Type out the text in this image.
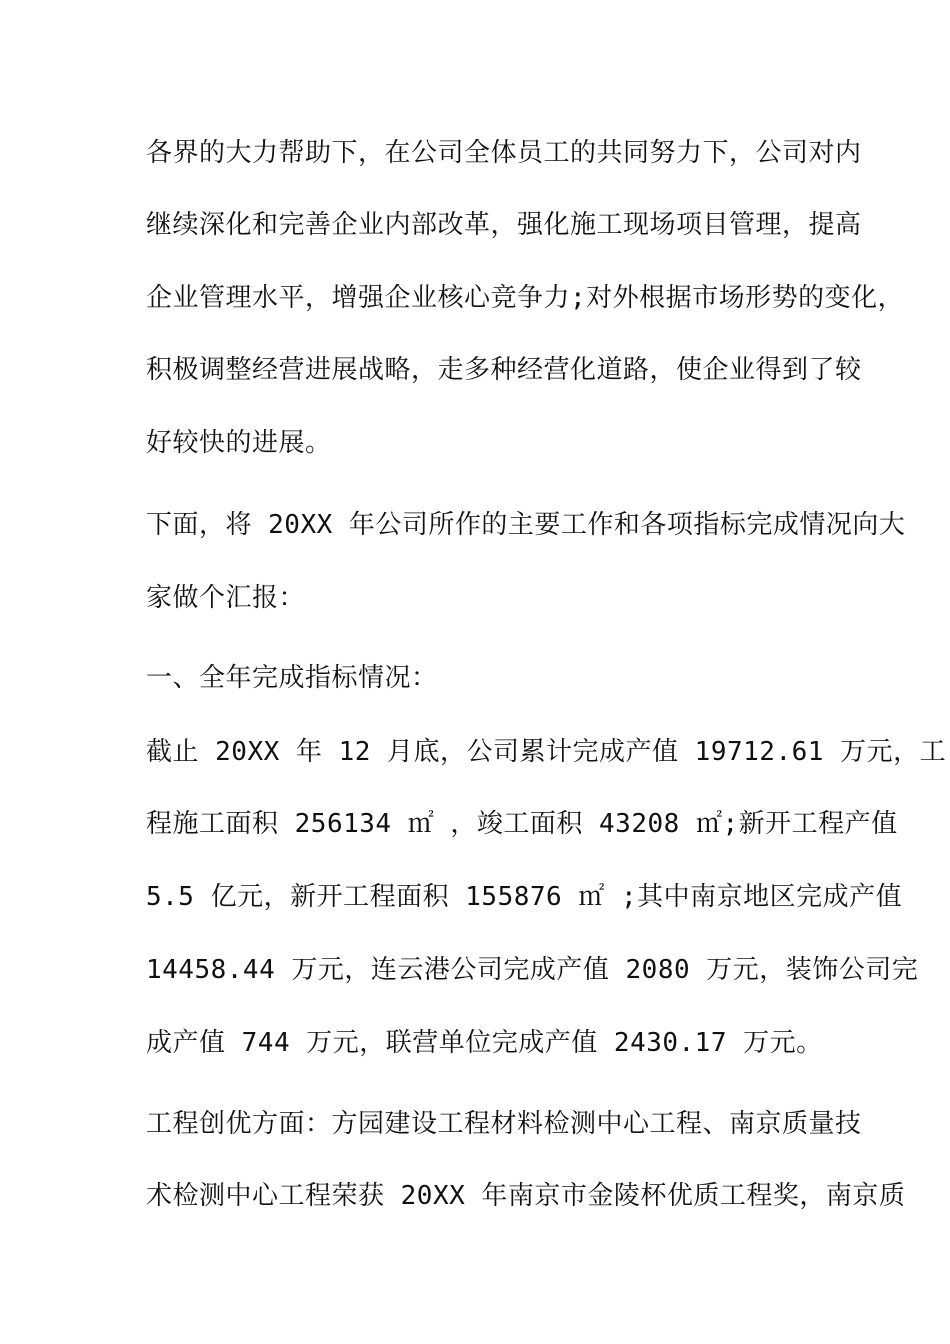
各界的大力帮助下，在公司全体员工的共同努力下，公司对内
继续深化和完善企业内部改革，强化施工现场项目管理，提高
企业管理水平，增强企业核心竞争力;对外根据市场形势的变化，
积极调整经营进展战略，走多种经营化道路，使企业得到了较
好较快的进展。
下面，将 20XX 年公司所作的主要工作和各项指标完成情况向大
家做个汇报：
一、全年完成指标情况：
截止 20XX 年 12 月底，公司累计完成产值 19712.61 万元，工
程施工面积 256134 ㎡ ，竣工面积 43208 ㎡;新开工程产值
5.5 亿元，新开工程面积 155876 ㎡ ;其中南京地区完成产值
14458.44 万元，连云港公司完成产值 2080 万元，装饰公司完
成产值 744 万元，联营单位完成产值 2430.17 万元。
工程创优方面：方园建设工程材料检测中心工程、南京质量技
术检测中心工程荣获 20XX 年南京市金陵杯优质工程奖，南京质
